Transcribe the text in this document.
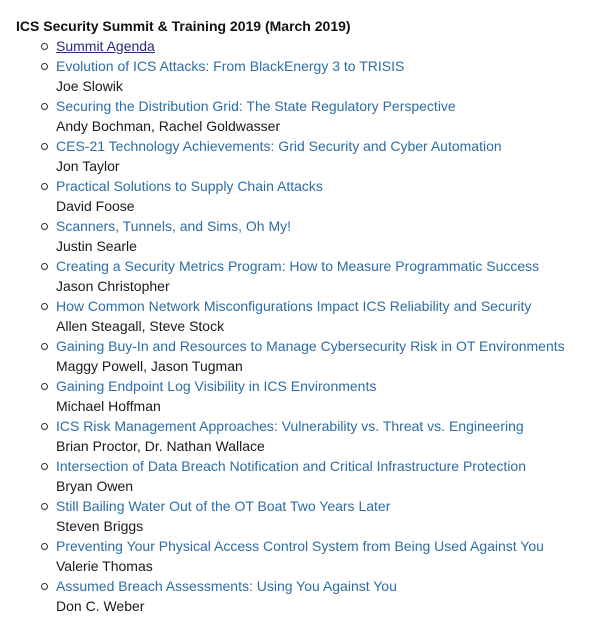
ICS Security Summit & Training 2019 (March 2019)
Summit Agenda
Evolution of ICS Attacks: From BlackEnergy 3 to TRISIS
Joe Slowik
Securing the Distribution Grid: The State Regulatory Perspective
Andy Bochman, Rachel Goldwasser
CES-21 Technology Achievements: Grid Security and Cyber Automation
Jon Taylor
Practical Solutions to Supply Chain Attacks
David Foose
Scanners, Tunnels, and Sims, Oh My!
Justin Searle
Creating a Security Metrics Program: How to Measure Programmatic Success
Jason Christopher
How Common Network Misconfigurations Impact ICS Reliability and Security
Allen Steagall, Steve Stock
Gaining Buy-In and Resources to Manage Cybersecurity Risk in OT Environments
Maggy Powell, Jason Tugman
Gaining Endpoint Log Visibility in ICS Environments
Michael Hoffman
ICS Risk Management Approaches: Vulnerability vs. Threat vs. Engineering
Brian Proctor, Dr. Nathan Wallace
Intersection of Data Breach Notification and Critical Infrastructure Protection
Bryan Owen
Still Bailing Water Out of the OT Boat Two Years Later
Steven Briggs
Preventing Your Physical Access Control System from Being Used Against You
Valerie Thomas
Assumed Breach Assessments: Using You Against You
Don C. Weber
